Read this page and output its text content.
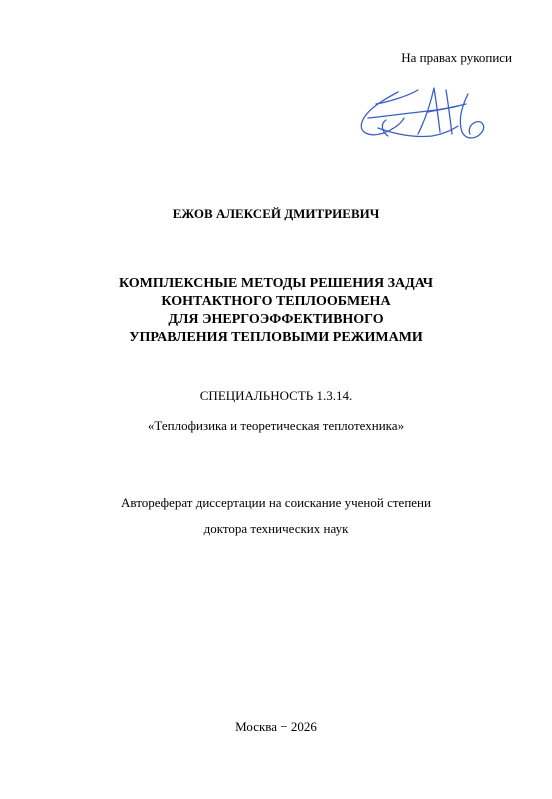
На правах рукописи
ЕЖОВ АЛЕКСЕЙ ДМИТРИЕВИЧ
КОМПЛЕКСНЫЕ МЕТОДЫ РЕШЕНИЯ ЗАДАЧ
КОНТАКТНОГО ТЕПЛООБМЕНА
ДЛЯ ЭНЕРГОЭФФЕКТИВНОГО
УПРАВЛЕНИЯ ТЕПЛОВЫМИ РЕЖИМАМИ
СПЕЦИАЛЬНОСТЬ 1.3.14.
«Теплофизика и теоретическая теплотехника»
Автореферат диссертации на соискание ученой степени
доктора технических наук
Москва − 2026
